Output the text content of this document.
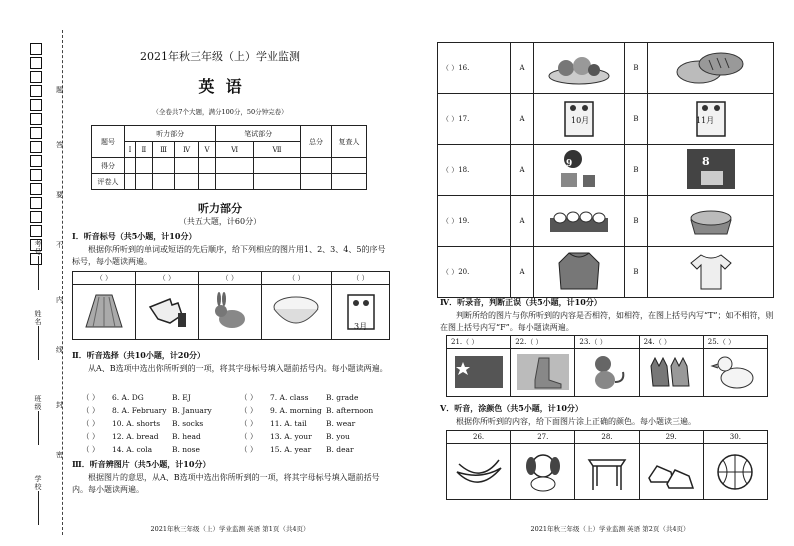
考号
姓名
班级
学校
题
答
要
不
内
线
封
密
2021年秋三年级（上）学业监测
英  语
（全卷共7个大题，满分100分，50分钟完卷）
题号	听力部分					笔试部分		总分	复查人
	Ⅰ	Ⅱ	Ⅲ	Ⅳ	Ⅴ	Ⅵ	Ⅶ		
得分									
评卷人									
听力部分
（共五大题，计60分）
Ⅰ．听音标号（共5小题，计10分）
根据你所听到的单词或短语的先后顺序，给下列相应的图片用1、2、3、4、5的序号标号，每小题读两遍。
（ ）	（ ）	（ ）	（ ）	（ ）

3月
Ⅱ．听音选择（共10小题，计20分）
从A、B选项中选出你所听到的一项，将其字母标号填入题前括号内。每小题读两遍。
（ ）	6. A. DG	B. EJ	（ ）	7. A. class	B. grade
（ ）	8. A. February B. January	（ ）	9. A. morning B. afternoon
（ ）	10. A. shorts	B. socks	（ ）	11. A. tail	B. wear
（ ）	12. A. bread	B. head	（ ）	13. A. your	B. you
（ ）	14. A. cola	B. nose	（ ）	15. A. year	B. dear
Ⅲ．听音辨图片（共5小题，计10分）
根据图片的意思，从A、B选项中选出你所听到的一项，将其字母标号填入题前括号内。每小题读两遍。
2021年秋三年级（上）学业监测 英语 第1页（共4页）
（ ）16.	A		B	
（ ）17.	A	10月	B	11月

（ ）18.	A	9	B	8

（ ）19.	A		B	
（ ）20.	A		B	
Ⅳ．听录音，判断正误（共5小题，计10分）
判断所给的图片与你所听到的内容是否相符，如相符，在图上括号内写“T”；如不相符，则在图上括号内写“F”。每小题读两遍。
21.（ ）	22.（ ）	23.（ ）	24.（ ）	25.（ ）

Ⅴ．听音，涂颜色（共5小题，计10分）
根据你所听到的内容，给下面图片涂上正确的颜色。每小题读三遍。
26.	27.	28.	29.	30.

2021年秋三年级（上）学业监测 英语 第2页（共4页）
